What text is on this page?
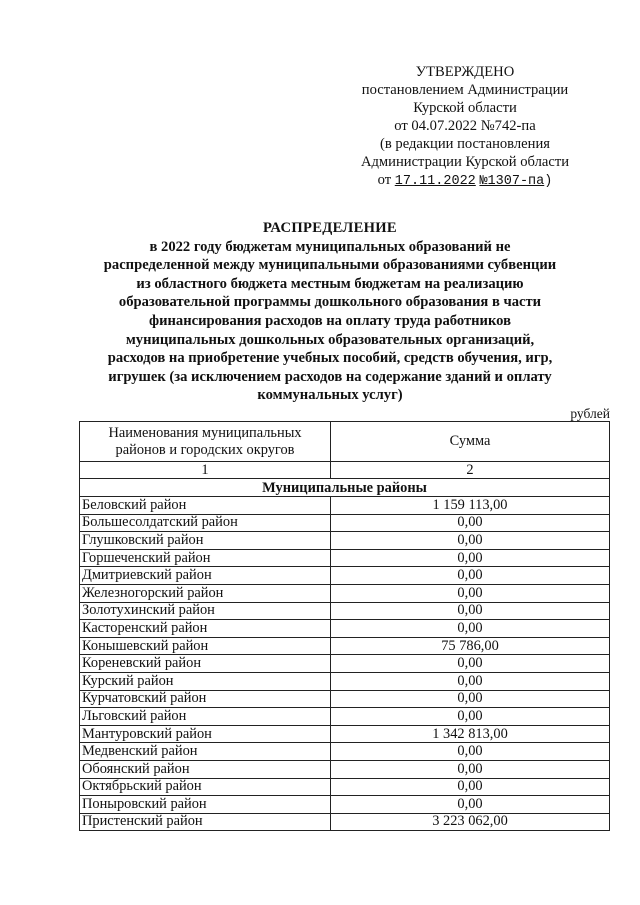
УТВЕРЖДЕНО
постановлением Администрации
Курской области
от 04.07.2022 №742-па
(в редакции постановления
Администрации Курской области
от 17.11.2022 №1307-па)
РАСПРЕДЕЛЕНИЕ
в 2022 году бюджетам муниципальных образований не
распределенной между муниципальными образованиями субвенции
из областного бюджета местным бюджетам на реализацию
образовательной программы дошкольного образования в части
финансирования расходов на оплату труда работников
муниципальных дошкольных образовательных организаций,
расходов на приобретение учебных пособий, средств обучения, игр,
игрушек (за исключением расходов на содержание зданий и оплату
коммунальных услуг)
рублей
Наименования муниципальных районов и городских округов	Сумма
1	2
Муниципальные районы	
Беловский район	1 159 113,00
Большесолдатский район	0,00
Глушковский район	0,00
Горшеченский район	0,00
Дмитриевский район	0,00
Железногорский район	0,00
Золотухинский район	0,00
Касторенский район	0,00
Конышевский район	75 786,00
Кореневский район	0,00
Курский район	0,00
Курчатовский район	0,00
Льговский район	0,00
Мантуровский район	1 342 813,00
Медвенский район	0,00
Обоянский район	0,00
Октябрьский район	0,00
Поныровский район	0,00
Пристенский район	3 223 062,00
